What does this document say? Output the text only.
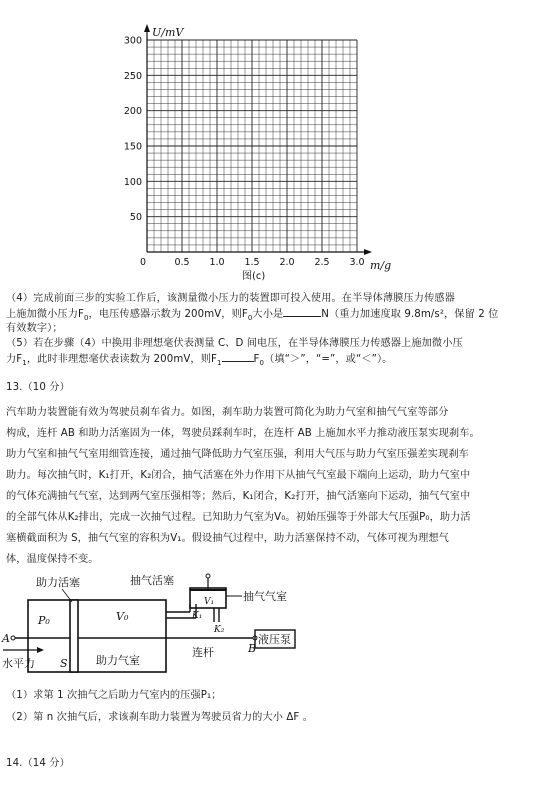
300
250
200
150
100
50
0	0.5 1.0 1.5 2.0 2.5 3.0
U/mV
m/g
图(c)
（4）完成前面三步的实验工作后，该测量微小压力的装置即可投入使用。在半导体薄膜压力传感器
上施加微小压力$F_0$，电压传感器示数为 200mV，则$F_0$大小是	N（重力加速度取 9.8m/s²，保留 2 位
有效数字）；
（5）若在步骤（4）中换用非理想毫伏表测量 C、D 间电压，在半导体薄膜压力传感器上施加微小压
力$F_1$，此时非理想毫伏表读数为 200mV，则$F_1$	$F_0$（填“＞”，“=”，或“＜”）。
13.（10 分）
汽车助力装置能有效为驾驶员刹车省力。如图，刹车助力装置可简化为助力气室和抽气气室等部分
构成，连杆 AB 和助力活塞固为一体，驾驶员踩刹车时，在连杆 AB 上施加水平力推动液压泵实现刹车。
助力气室和抽气气室用细管连接，通过抽气降低助力气室压强，利用大气压与助力气室压强差实现刹车
助力。每次抽气时，K₁打开，K₂闭合，抽气活塞在外力作用下从抽气气室最下端向上运动，助力气室中
的气体充满抽气气室，达到两气室压强相等；然后，K₁闭合，K₂打开，抽气活塞向下运动，抽气气室中
的全部气体从K₂排出，完成一次抽气过程。已知助力气室为V₀。初始压强等于外部大气压强P₀，助力活
塞横截面积为 S，抽气气室的容积为V₁。假设抽气过程中，助力活塞保持不动，气体可视为理想气
体，温度保持不变。
助力活塞	抽气活塞
抽气气室
P₀	V₀
V₁
K₁
K₂
A
B
S
水平力	助力气室
连杆
液压泵
（1）求第 1 次抽气之后助力气室内的压强P₁；
（2）第 n 次抽气后，求该刹车助力装置为驾驶员省力的大小 ΔF 。
14.（14 分）
